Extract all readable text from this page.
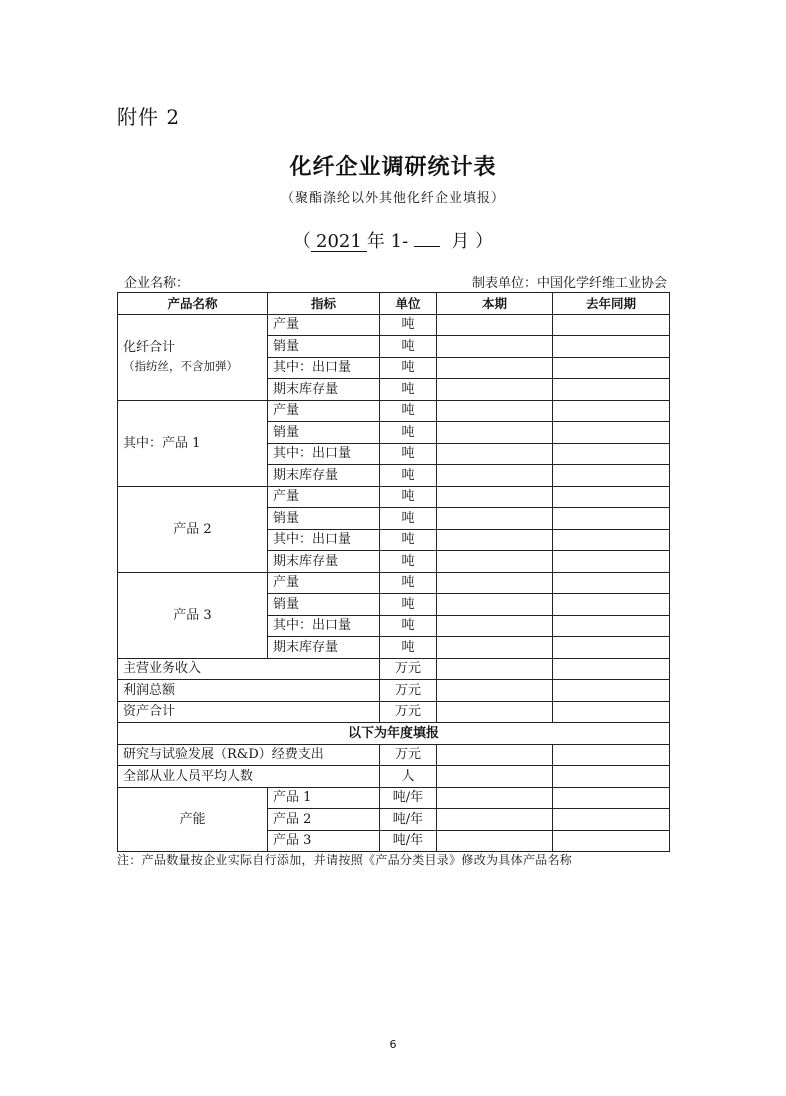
附件 2
化纤企业调研统计表
（聚酯涤纶以外其他化纤企业填报）
（ 2021 年 1- 月 ）
企业名称：	制表单位：中国化学纤维工业协会
产品名称	指标	单位	本期	去年同期
化纤合计
（指纺丝，不含加弹）	产量	吨		
	销量	吨		
	其中：出口量	吨		
	期末库存量	吨		
其中：产品 1	产量	吨		
	销量	吨		
	其中：出口量	吨		
	期末库存量	吨		
产品 2	产量	吨		
	销量	吨		
	其中：出口量	吨		
	期末库存量	吨		
产品 3	产量	吨		
	销量	吨		
	其中：出口量	吨		
	期末库存量	吨		
主营业务收入		万元		
利润总额		万元		
资产合计		万元		
以下为年度填报				
研究与试验发展（R&D）经费支出		万元		
全部从业人员平均人数		人		
产能	产品 1	吨/年		
	产品 2	吨/年		
	产品 3	吨/年		
注：产品数量按企业实际自行添加，并请按照《产品分类目录》修改为具体产品名称
6
